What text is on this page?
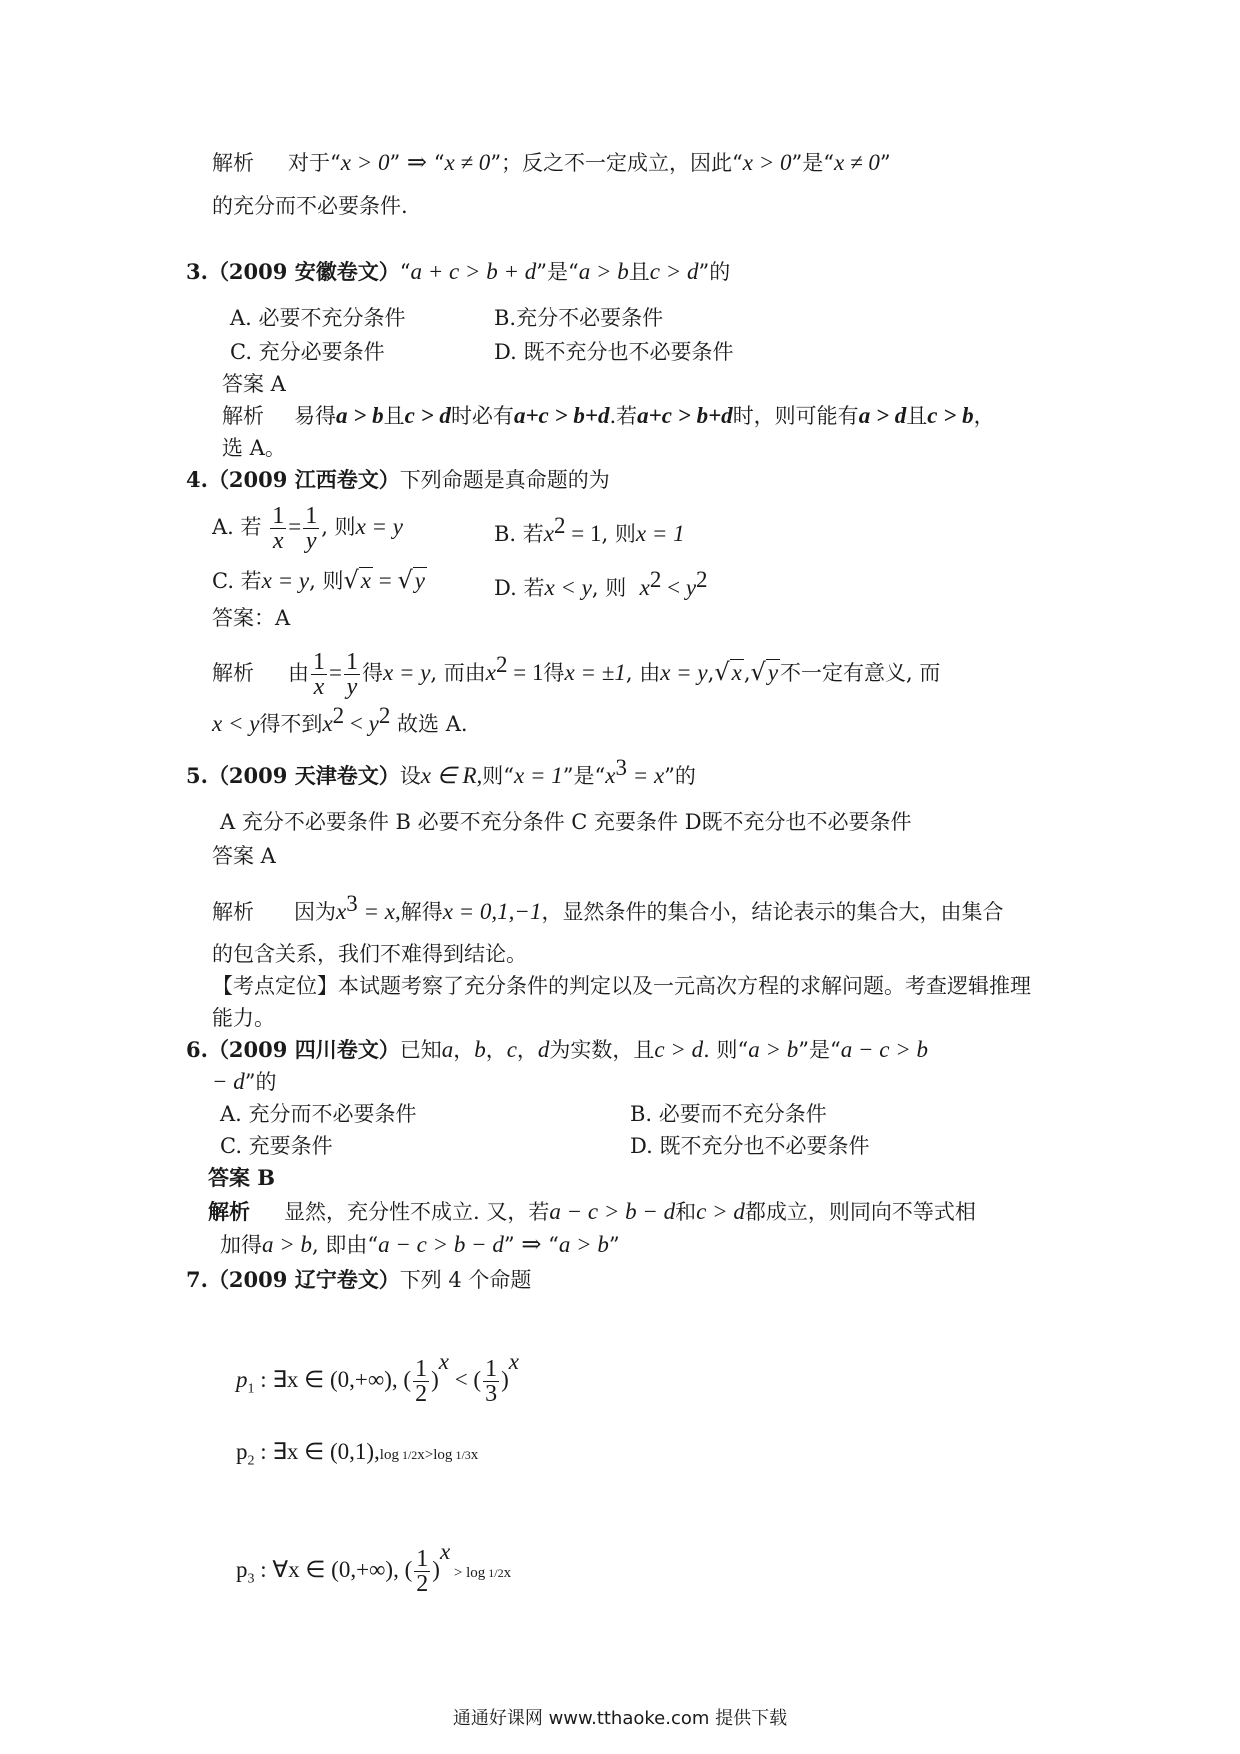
解析 对于“x > 0” ⇒ “x ≠ 0”；反之不一定成立，因此“x > 0”是“x ≠ 0”
的充分而不必要条件.
3.（2009 安徽卷文）“a + c > b + d”是“a > b且c > d”的
A. 必要不充分条件	B.充分不必要条件
C. 充分必要条件	D. 既不充分也不必要条件
答案 A
解析 易得a > b且c > d时必有a+c > b+d.若a+c > b+d时，则可能有a > d且c > b，
选 A。
4.（2009 江西卷文）下列命题是真命题的为
A. 若 $\frac{1}{x} = \frac{1}{y}$ , 则x = y	B. 若$x^2 = 1$, 则x = 1
C. 若x = y, 则√x = √y	D. 若x < y, 则 $x^2 < y^2$
答案：A
解析 由 $\frac{1}{x} = \frac{1}{y}$ 得x = y, 而由$x^2 = 1$得x = ±1, 由x = y,√x,√y不一定有意义, 而
x < y得不到$x^2 < y^2$ 故选 A.
5.（2009 天津卷文）设x ∈ R,则“x = 1”是“$x^3 = x$”的
A 充分不必要条件 B 必要不充分条件 C 充要条件 D既不充分也不必要条件
答案 A
解析 因为$x^3 = x$,解得x = 0,1,−1，显然条件的集合小，结论表示的集合大，由集合
的包含关系，我们不难得到结论。
【考点定位】本试题考察了充分条件的判定以及一元高次方程的求解问题。考查逻辑推理
能力。
6.（2009 四川卷文）已知a，b，c，d为实数，且c > d. 则“a > b”是“a − c > b
− d”的
A. 充分而不必要条件	B. 必要而不充分条件
C. 充要条件	D. 既不充分也不必要条件
答案 B
解析 显然，充分性不成立. 又，若a − c > b − d和c > d都成立，则同向不等式相
加得a > b, 即由“a − c > b − d” ⇒ “a > b”
7.（2009 辽宁卷文）下列 4 个命题
$p_1$ : ∃x ∈ (0,+∞), ( $\frac{1}{2} )^x$ < ( $\frac{1}{3} )^x$
$p_2$ : ∃x ∈ (0,1),log 1/2x>log 1/3x
$p_3$ : ∀x ∈ (0,+∞), ( $\frac{1}{2} )^x > \log 1/2x$
通通好课网 www.tthaoke.com 提供下载
